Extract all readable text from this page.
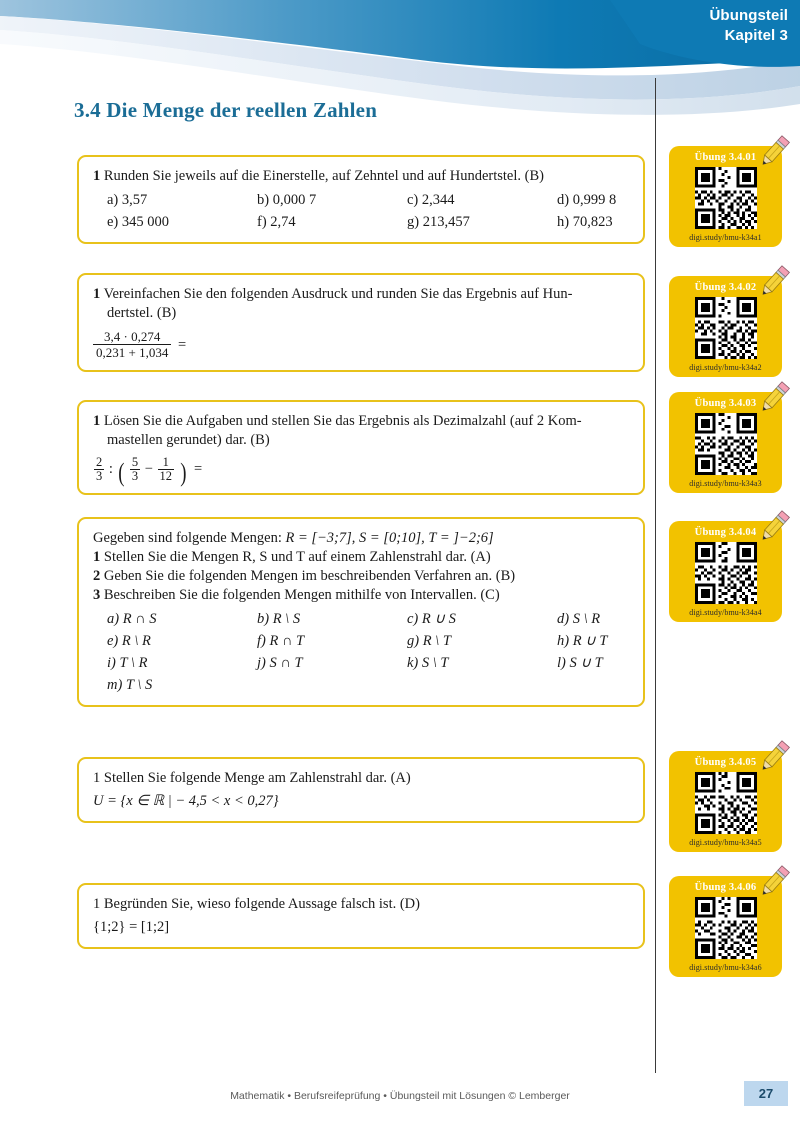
Übungsteil
Kapitel 3
3.4 Die Menge der reellen Zahlen
1 Runden Sie jeweils auf die Einerstelle, auf Zehntel und auf Hundertstel. (B)
a) 3,57	b) 0,000 7	c) 2,344	d) 0,999 8
e) 345 000	f) 2,74	g) 213,457	h) 70,823
1 Vereinfachen Sie den folgenden Ausdruck und runden Sie das Ergebnis auf Hun-
dertstel. (B)
$\frac{3,4 \cdot 0,274}{0,231 + 1,034}$ =
1 Lösen Sie die Aufgaben und stellen Sie das Ergebnis als Dezimalzahl (auf 2 Kom-
mastellen gerundet) dar. (B)
$\frac{2}{3}$ : ( $\frac{5}{3} - \frac{1}{12}$ ) =
Gegeben sind folgende Mengen: R = [−3;7], S = [0;10], T = ]−2;6]
1 Stellen Sie die Mengen R, S und T auf einem Zahlenstrahl dar. (A)
2 Geben Sie die folgenden Mengen im beschreibenden Verfahren an. (B)
3 Beschreiben Sie die folgenden Mengen mithilfe von Intervallen. (C)
a) R ∩ S	b) R \ S	c) R ∪ S	d) S \ R
e) R \ R	f) R ∩ T	g) R \ T	h) R ∪ T
i) T \ R	j) S ∩ T	k) S \ T	l) S ∪ T
m) T \ S
1 Stellen Sie folgende Menge am Zahlenstrahl dar. (A)
U = {x ∈ ℝ | − 4,5 < x < 0,27}
1 Begründen Sie, wieso folgende Aussage falsch ist. (D)
{1;2} = [1;2]
Übung 3.4.01
digi.study/bmu-k34a1
Übung 3.4.02
digi.study/bmu-k34a2
Übung 3.4.03
digi.study/bmu-k34a3
Übung 3.4.04
digi.study/bmu-k34a4
Übung 3.4.05
digi.study/bmu-k34a5
Übung 3.4.06
digi.study/bmu-k34a6
Mathematik • Berufsreifeprüfung • Übungsteil mit Lösungen © Lemberger	27
